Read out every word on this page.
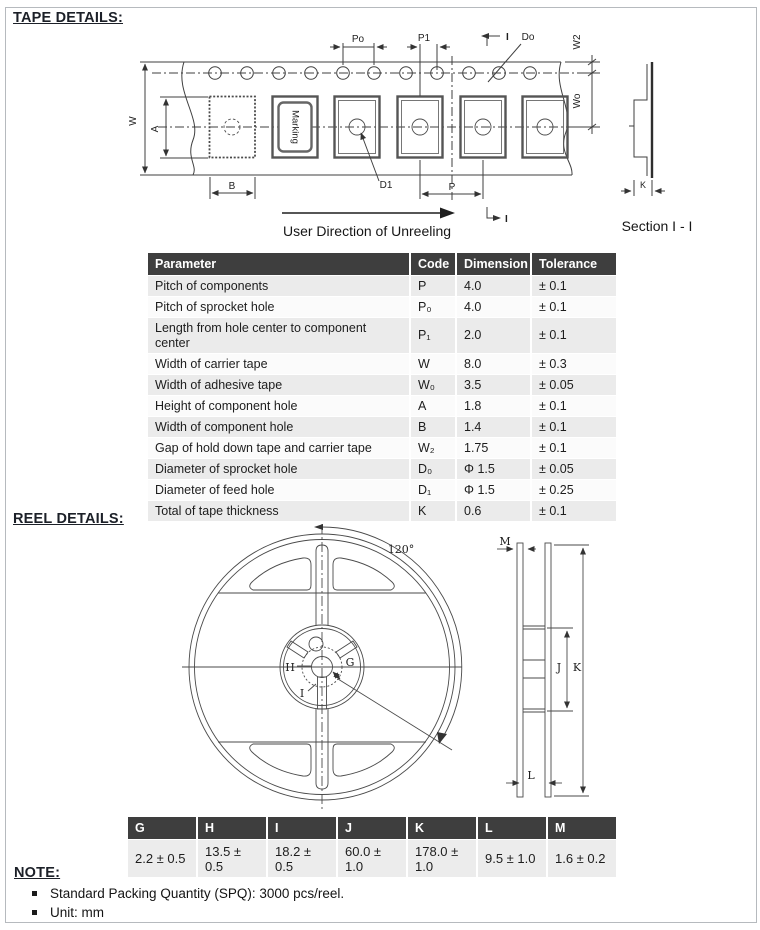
TAPE DETAILS:
Marking
W
A
B
Po	P1	Do
P
D1
I
I
W2
Wo
K
User Direction of Unreeling	Section I - I
Parameter	Code	Dimension	Tolerance
Pitch of components	P	4.0	± 0.1
Pitch of sprocket hole	P₀	4.0	± 0.1
Length from hole center to component center	P₁	2.0	± 0.1
Width of carrier tape	W	8.0	± 0.3
Width of adhesive tape	W₀	3.5	± 0.05
Height of component hole	A	1.8	± 0.1
Width of component hole	B	1.4	± 0.1
Gap of hold down tape and carrier tape	W₂	1.75	± 0.1
Diameter of sprocket hole	D₀	Φ 1.5	± 0.05
Diameter of feed hole	D₁	Φ 1.5	± 0.25
Total of tape thickness	K	0.6	± 0.1
REEL DETAILS:
H	G
I
120°
M
J K
L
G	H	I	J	K	L	M
2.2 ± 0.5	13.5 ± 0.5	18.2 ± 0.5	60.0 ± 1.0	178.0 ± 1.0	9.5 ± 1.0	1.6 ± 0.2
NOTE:
Standard Packing Quantity (SPQ): 3000 pcs/reel.
Unit: mm
